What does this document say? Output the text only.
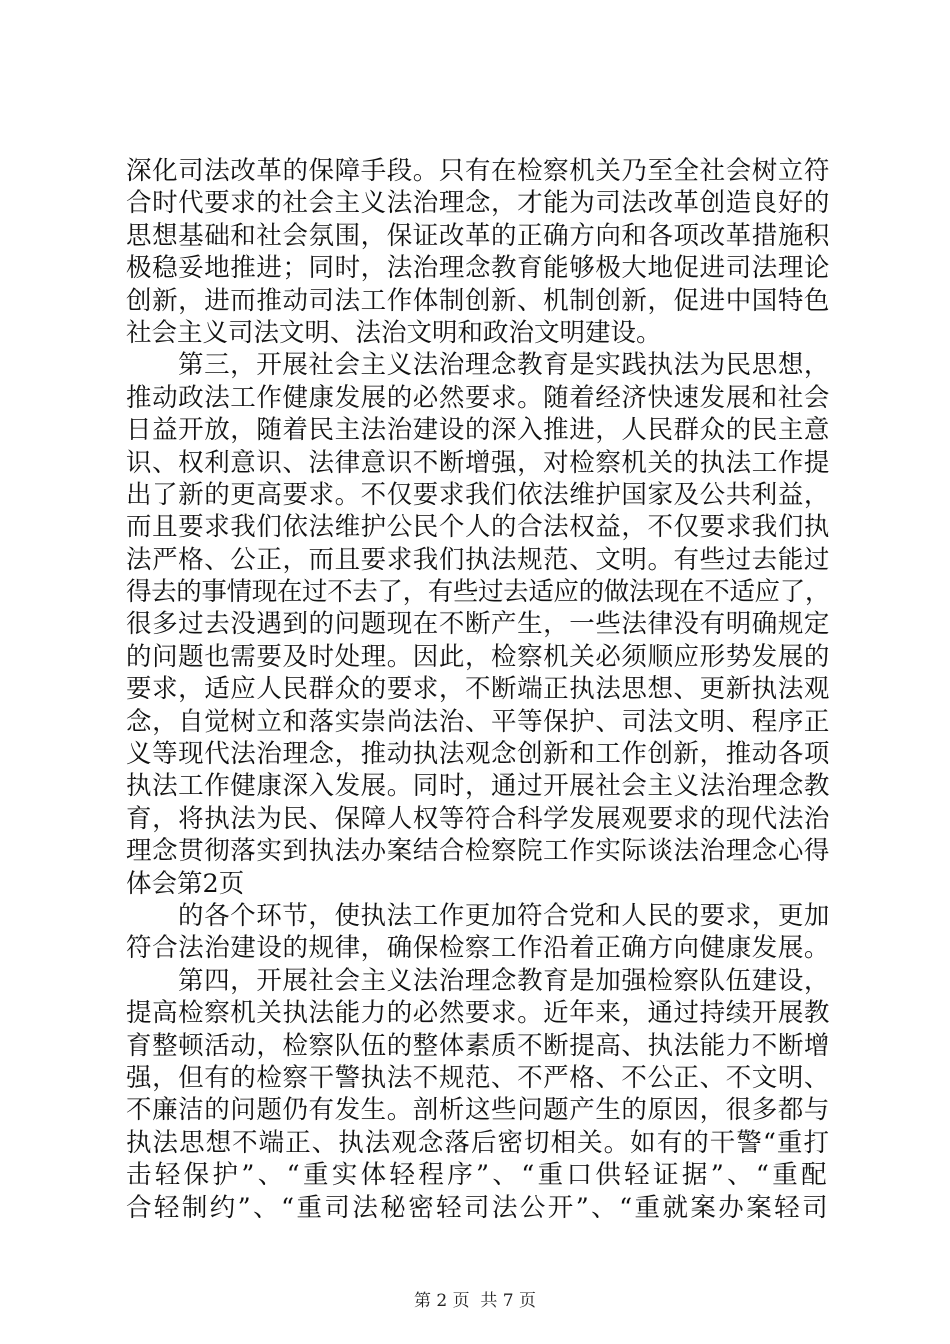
深化司法改革的保障手段。只有在检察机关乃至全社会树立符
合时代要求的社会主义法治理念，才能为司法改革创造良好的
思想基础和社会氛围，保证改革的正确方向和各项改革措施积
极稳妥地推进；同时，法治理念教育能够极大地促进司法理论
创新，进而推动司法工作体制创新、机制创新，促进中国特色
社会主义司法文明、法治文明和政治文明建设。
第三，开展社会主义法治理念教育是实践执法为民思想，
推动政法工作健康发展的必然要求。随着经济快速发展和社会
日益开放，随着民主法治建设的深入推进，人民群众的民主意
识、权利意识、法律意识不断增强，对检察机关的执法工作提
出了新的更高要求。不仅要求我们依法维护国家及公共利益，
而且要求我们依法维护公民个人的合法权益，不仅要求我们执
法严格、公正，而且要求我们执法规范、文明。有些过去能过
得去的事情现在过不去了，有些过去适应的做法现在不适应了，
很多过去没遇到的问题现在不断产生，一些法律没有明确规定
的问题也需要及时处理。因此，检察机关必须顺应形势发展的
要求，适应人民群众的要求，不断端正执法思想、更新执法观
念，自觉树立和落实崇尚法治、平等保护、司法文明、程序正
义等现代法治理念，推动执法观念创新和工作创新，推动各项
执法工作健康深入发展。同时，通过开展社会主义法治理念教
育，将执法为民、保障人权等符合科学发展观要求的现代法治
理念贯彻落实到执法办案结合检察院工作实际谈法治理念心得
体会第2页
的各个环节，使执法工作更加符合党和人民的要求，更加
符合法治建设的规律，确保检察工作沿着正确方向健康发展。
第四，开展社会主义法治理念教育是加强检察队伍建设，
提高检察机关执法能力的必然要求。近年来，通过持续开展教
育整顿活动，检察队伍的整体素质不断提高、执法能力不断增
强，但有的检察干警执法不规范、不严格、不公正、不文明、
不廉洁的问题仍有发生。剖析这些问题产生的原因，很多都与
执法思想不端正、执法观念落后密切相关。如有的干警“重打
击轻保护”、“重实体轻程序”、“重口供轻证据”、“重配
合轻制约”、“重司法秘密轻司法公开”、“重就案办案轻司
第 2 页  共 7 页
